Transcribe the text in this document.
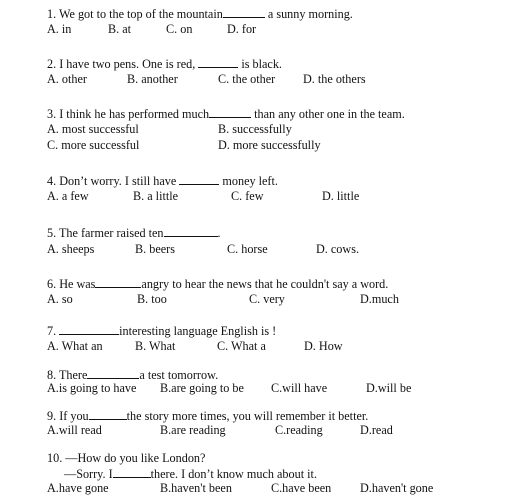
1. We got to the top of the mountain	a sunny morning.
A. in	B. at	C. on	D. for
2. I have two pens. One is red,	is black.
A. other	B. another	C. the other D. the others
3. I think he has performed much	than any other one in the team.
A. most successful	B. successfully
C. more successful	D. more successfully
4. Don’t worry. I still have	money left.
A. a few	B. a little	C. few	D. little
5. The farmer raised ten	.
A. sheeps	B. beers	C. horse	D. cows.
6. He was	angry to hear the news that he couldn't say a word.
A. so	B. too	C. very	D.much
7.	interesting language English is !
A. What an	B. What	C. What a	D. How
8. There	a test tomorrow.
A.is going to have B.are going to be C.will have	D.will be
9. If you	the story more times, you will remember it better.
A.will read	B.are reading	C.reading	D.read
10. —How do you like London?
—Sorry. I	there. I don’t know much about it.
A.have gone	B.haven't been	C.have been D.haven't gone
